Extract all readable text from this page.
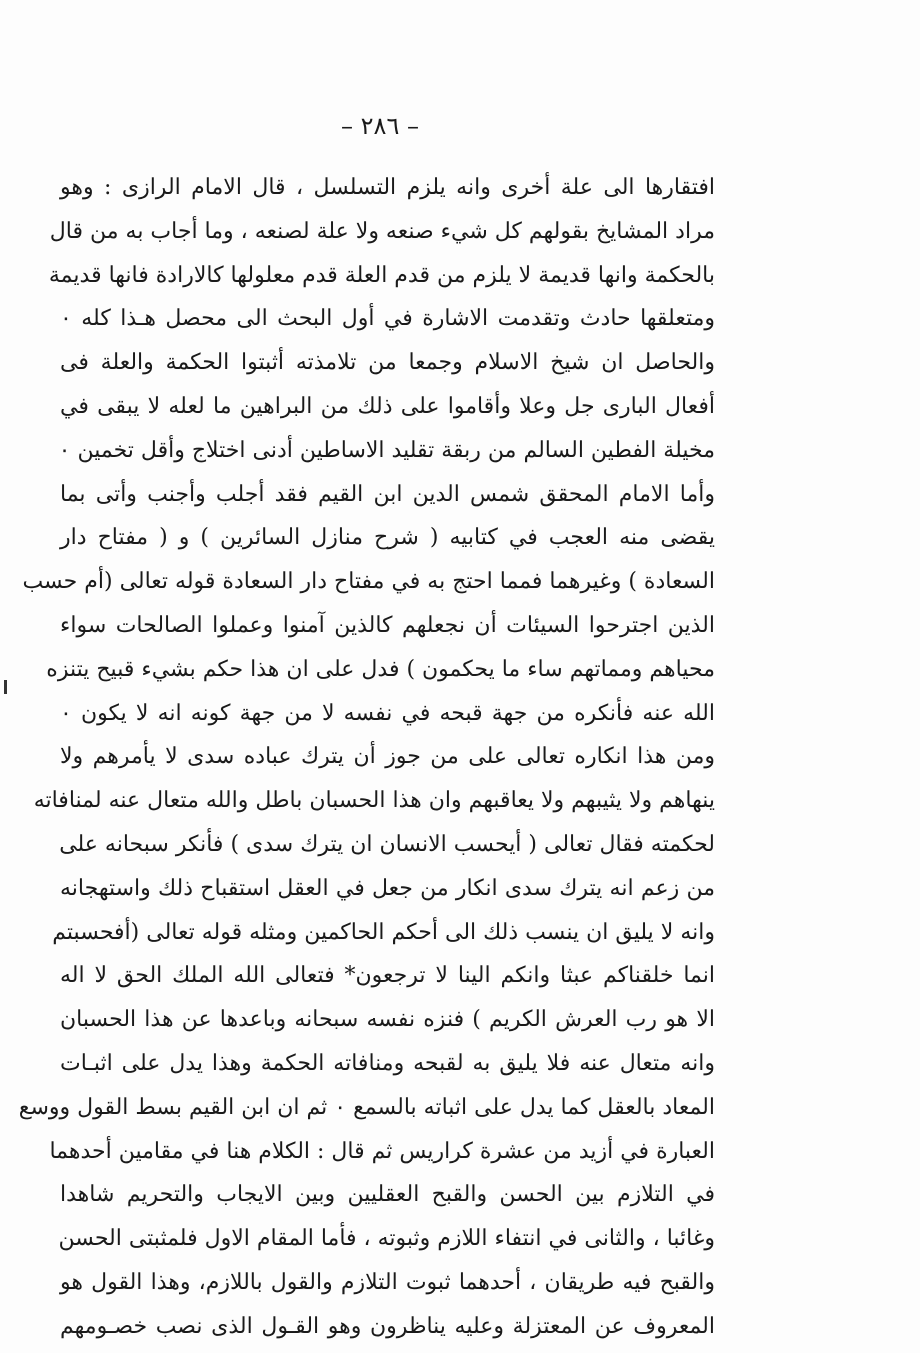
– ٢٨٦ –
افتقارها الى علة أخرى وانه يلزم التسلسل ، قال الامام الرازى : وهو
مراد المشايخ بقولهم كل شيء صنعه ولا علة لصنعه ، وما أجاب به من قال
بالحكمة وانها قديمة لا يلزم من قدم العلة قدم معلولها كالارادة فانها قديمة
ومتعلقها حادث وتقدمت الاشارة في أول البحث الى محصل هـذا كله ٠
والحاصل ان شيخ الاسلام وجمعا من تلامذته أثبتوا الحكمة والعلة فى
أفعال البارى جل وعلا وأقاموا على ذلك من البراهين ما لعله لا يبقى في
مخيلة الفطين السالم من ربقة تقليد الاساطين أدنى اختلاج وأقل تخمين ٠
وأما الامام المحقق شمس الدين ابن القيم فقد أجلب وأجنب وأتى بما
يقضى منه العجب في كتابيه ( شرح منازل السائرين ) و ( مفتاح دار
السعادة ) وغيرهما فمما احتج به في مفتاح دار السعادة قوله تعالى (أم حسب
الذين اجترحوا السيئات أن نجعلهم كالذين آمنوا وعملوا الصالحات سواء
محياهم ومماتهم ساء ما يحكمون ) فدل على ان هذا حكم بشيء قبيح يتنزه
الله عنه فأنكره من جهة قبحه في نفسه لا من جهة كونه انه لا يكون ٠
ومن هذا انكاره تعالى على من جوز أن يترك عباده سدى لا يأمرهم ولا
ينهاهم ولا يثيبهم ولا يعاقبهم وان هذا الحسبان باطل والله متعال عنه لمنافاته
لحكمته فقال تعالى ( أيحسب الانسان ان يترك سدى ) فأنكر سبحانه على
من زعم انه يترك سدى انكار من جعل في العقل استقباح ذلك واستهجانه
وانه لا يليق ان ينسب ذلك الى أحكم الحاكمين ومثله قوله تعالى (أفحسبتم
انما خلقناكم عبثا وانكم الينا لا ترجعون* فتعالى الله الملك الحق لا اله
الا هو رب العرش الكريم ) فنزه نفسه سبحانه وباعدها عن هذا الحسبان
وانه متعال عنه فلا يليق به لقبحه ومنافاته الحكمة وهذا يدل على اثبـات
المعاد بالعقل كما يدل على اثباته بالسمع ٠ ثم ان ابن القيم بسط القول ووسع
العبارة في أزيد من عشرة كراريس ثم قال : الكلام هنا في مقامين أحدهما
في التلازم بين الحسن والقبح العقليين وبين الايجاب والتحريم شاهدا
وغائبا ، والثانى في انتفاء اللازم وثبوته ، فأما المقام الاول فلمثبتى الحسن
والقبح فيه طريقان ، أحدهما ثبوت التلازم والقول باللازم، وهذا القول هو
المعروف عن المعتزلة وعليه يناظرون وهو القـول الذى نصب خصـومهم
